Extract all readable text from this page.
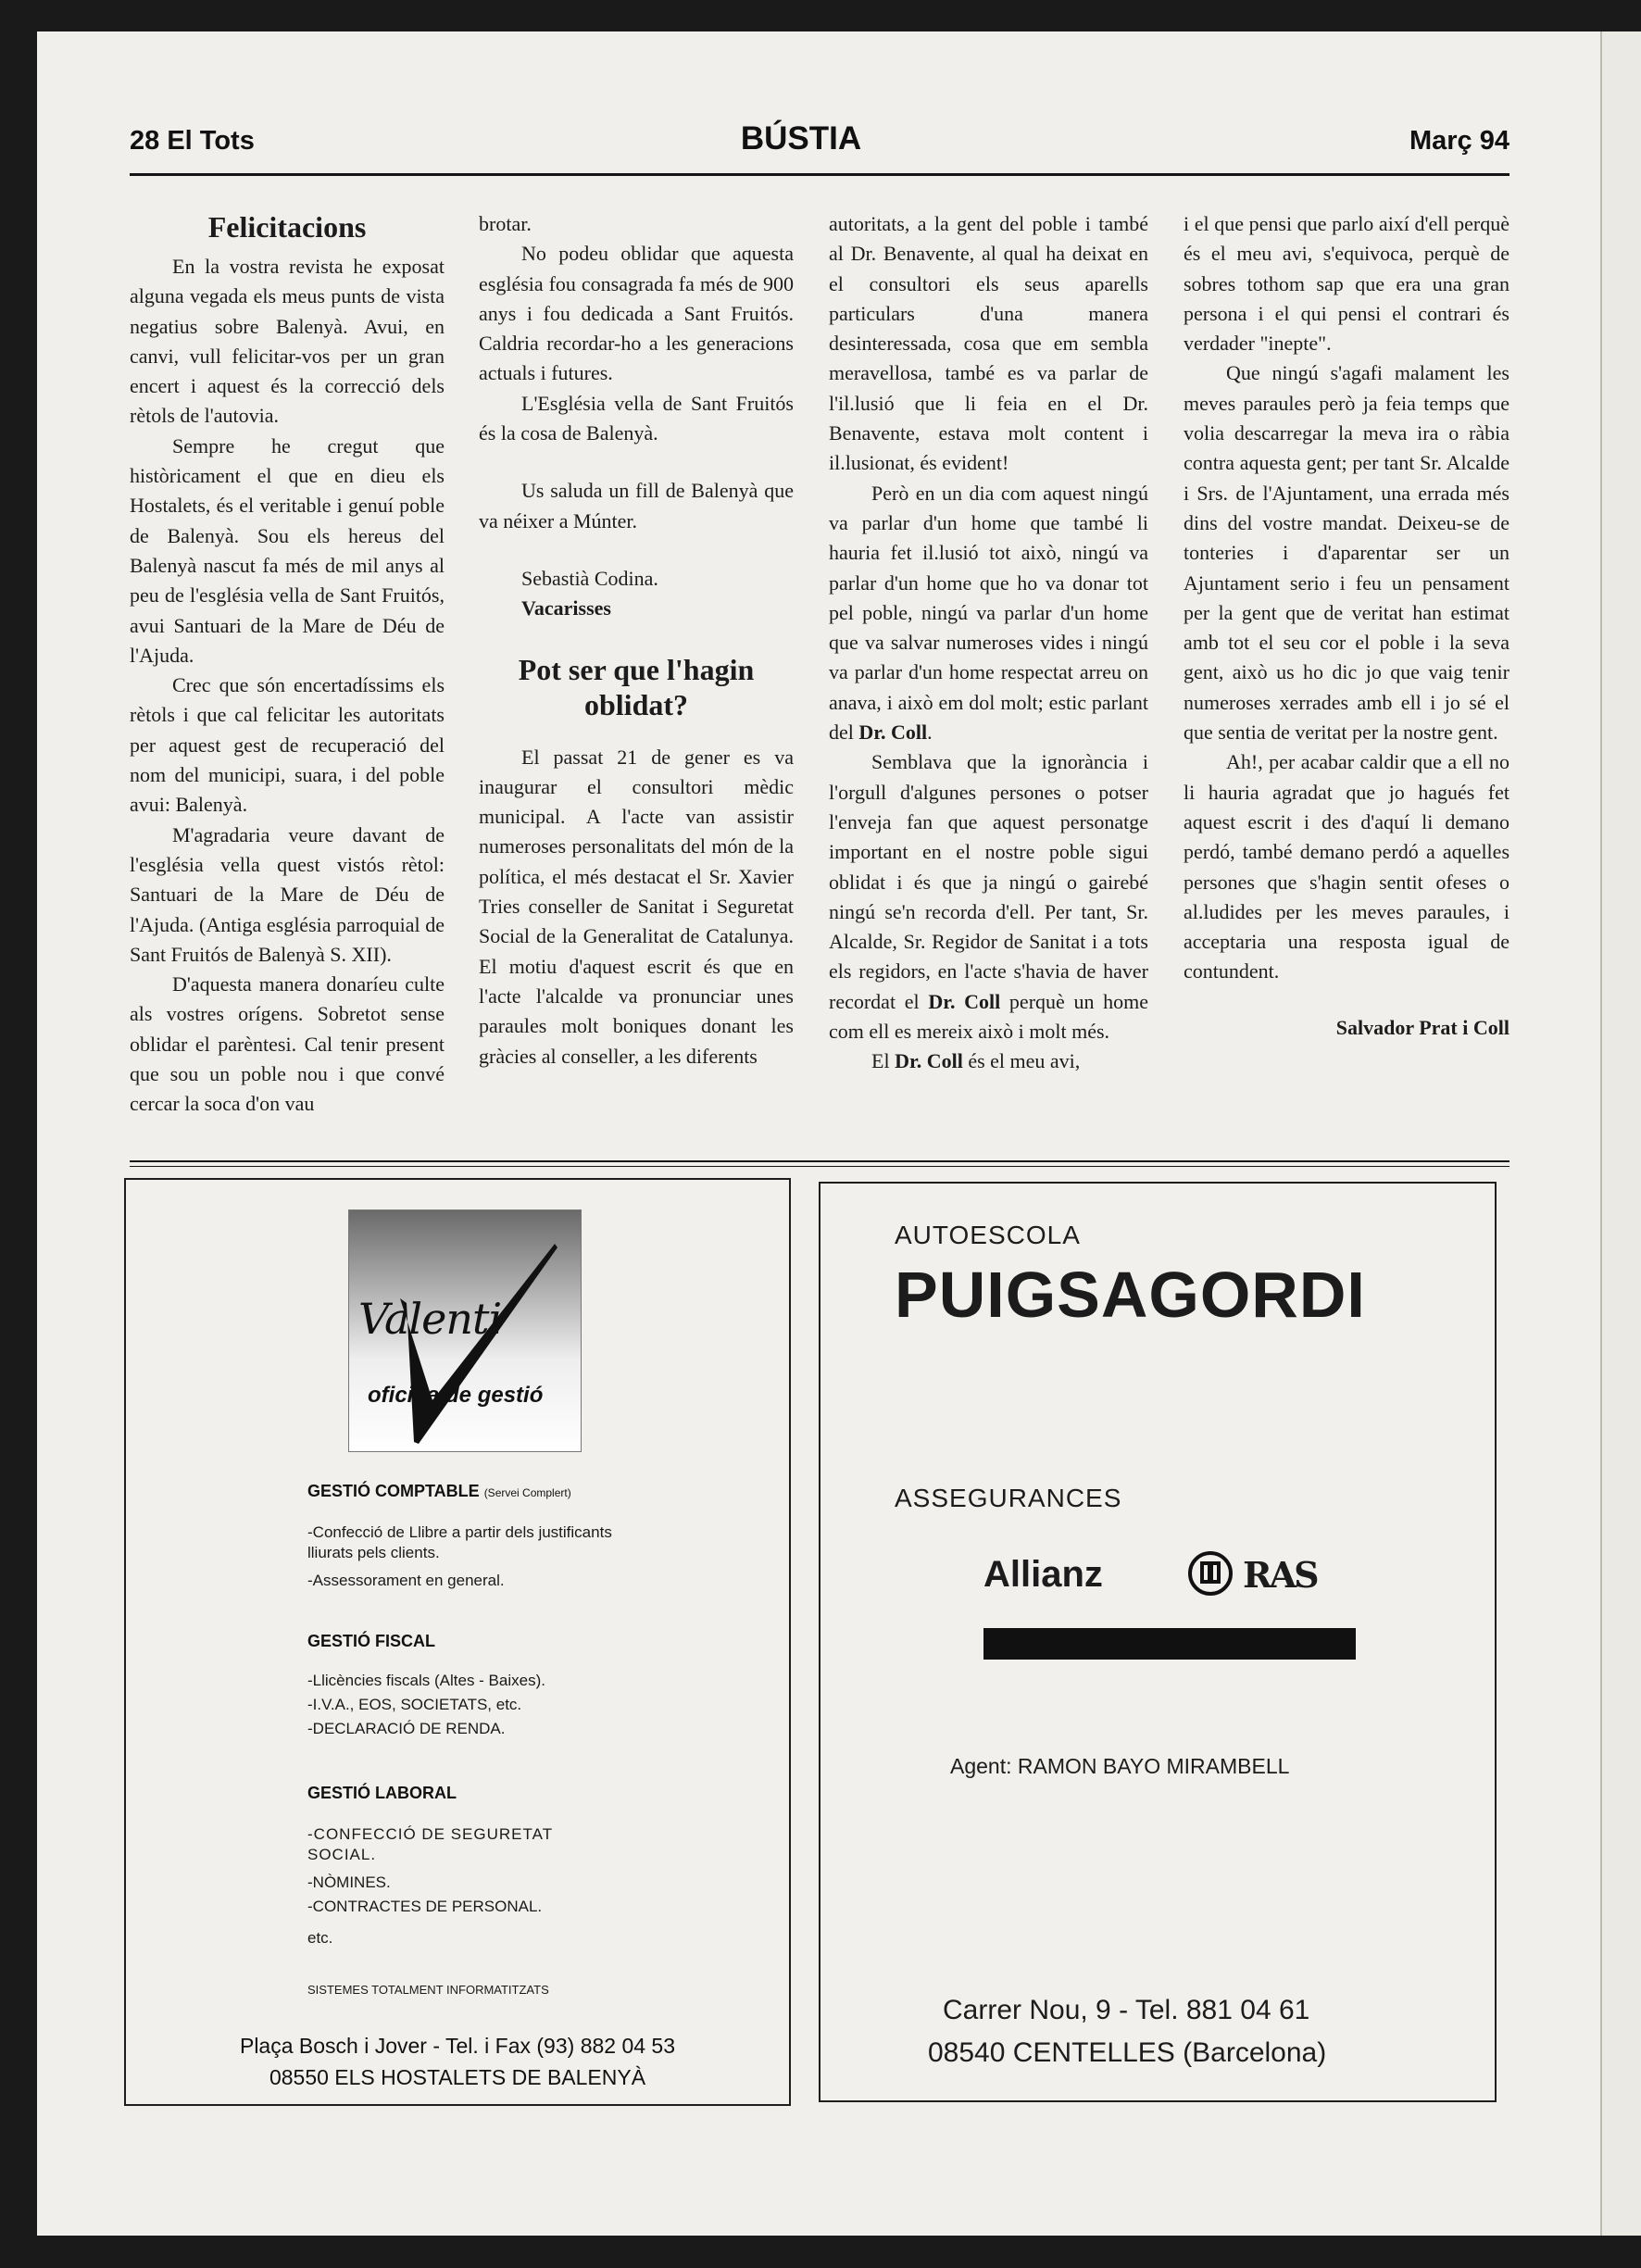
28 El Tots	BÚSTIA	Març 94
Felicitacions

En la vostra revista he exposat alguna vegada els meus punts de vista negatius sobre Balenyà. Avui, en canvi, vull felicitar-vos per un gran encert i aquest és la correcció dels rètols de l'autovia.

Sempre he cregut que històricament el que en dieu els Hostalets, és el veritable i genuí poble de Balenyà. Sou els hereus del Balenyà nascut fa més de mil anys al peu de l'església vella de Sant Fruitós, avui Santuari de la Mare de Déu de l'Ajuda.

Crec que són encertadíssims els rètols i que cal felicitar les autoritats per aquest gest de recuperació del nom del municipi, suara, i del poble avui: Balenyà.

M'agradaria veure davant de l'església vella quest vistós rètol: Santuari de la Mare de Déu de l'Ajuda. (Antiga església parroquial de Sant Fruitós de Balenyà S. XII).

D'aquesta manera donaríeu culte als vostres orígens. Sobretot sense oblidar el parèntesi. Cal tenir present que sou un poble nou i que convé cercar la soca d'on vau

brotar.

No podeu oblidar que aquesta església fou consagrada fa més de 900 anys i fou dedicada a Sant Fruitós. Caldria recordar-ho a les generacions actuals i futures.

L'Església vella de Sant Fruitós és la cosa de Balenyà.

Us saluda un fill de Balenyà que va néixer a Múnter.

Sebastià Codina.

Vacarisses

Pot ser que l'hagin oblidat?

El passat 21 de gener es va inaugurar el consultori mèdic municipal. A l'acte van assistir numeroses personalitats del món de la política, el més destacat el Sr. Xavier Tries conseller de Sanitat i Seguretat Social de la Generalitat de Catalunya. El motiu d'aquest escrit és que en l'acte l'alcalde va pronunciar unes paraules molt boniques donant les gràcies al conseller, a les diferents

autoritats, a la gent del poble i també al Dr. Benavente, al qual ha deixat en el consultori els seus aparells particulars d'una manera desinteressada, cosa que em sembla meravellosa, també es va parlar de l'il.lusió que li feia en el Dr. Benavente, estava molt content i il.lusionat, és evident!

Però en un dia com aquest ningú va parlar d'un home que també li hauria fet il.lusió tot això, ningú va parlar d'un home que ho va donar tot pel poble, ningú va parlar d'un home que va salvar numeroses vides i ningú va parlar d'un home respectat arreu on anava, i això em dol molt; estic parlant del Dr. Coll.

Semblava que la ignorància i l'orgull d'algunes persones o potser l'enveja fan que aquest personatge important en el nostre poble sigui oblidat i és que ja ningú o gairebé ningú se'n recorda d'ell. Per tant, Sr. Alcalde, Sr. Regidor de Sanitat i a tots els regidors, en l'acte s'havia de haver recordat el Dr. Coll perquè un home com ell es mereix això i molt més.

El Dr. Coll és el meu avi,

i el que pensi que parlo així d'ell perquè és el meu avi, s'equivoca, perquè de sobres tothom sap que era una gran persona i el qui pensi el contrari és verdader "inepte".

Que ningú s'agafi malament les meves paraules però ja feia temps que volia descarregar la meva ira o ràbia contra aquesta gent; per tant Sr. Alcalde i Srs. de l'Ajuntament, una errada més dins del vostre mandat. Deixeu-se de tonteries i d'aparentar ser un Ajuntament serio i feu un pensament per la gent que de veritat han estimat amb tot el seu cor el poble i la seva gent, això us ho dic jo que vaig tenir numeroses xerrades amb ell i jo sé el que sentia de veritat per la nostre gent.

Ah!, per acabar caldir que a ell no li hauria agradat que jo hagués fet aquest escrit i des d'aquí li demano perdó, també demano perdó a aquelles persones que s'hagin sentit ofeses o al.ludides per les meves paraules, i acceptaria una resposta igual de contundent.

Salvador Prat i Coll

Valenti
oficina de gestió
GESTIÓ COMPTABLE (Servei Complert)
-Confecció de Llibre a partir dels justificants lliurats pels clients.
-Assessorament en general.
GESTIÓ FISCAL
-Llicències fiscals (Altes - Baixes).
-I.V.A., EOS, SOCIETATS, etc.
-DECLARACIÓ DE RENDA.
GESTIÓ LABORAL
-CONFECCIÓ DE SEGURETAT SOCIAL.
-NÒMINES.
-CONTRACTES DE PERSONAL.
etc.
SISTEMES TOTALMENT INFORMATITZATS
Plaça Bosch i Jover - Tel. i Fax (93) 882 04 53
08550 ELS HOSTALETS DE BALENYÀ
AUTOESCOLA
PUIGSAGORDI
ASSEGURANCES
Allianz	RAS
Agent: RAMON BAYO MIRAMBELL
Carrer Nou, 9 - Tel. 881 04 61
08540 CENTELLES (Barcelona)
